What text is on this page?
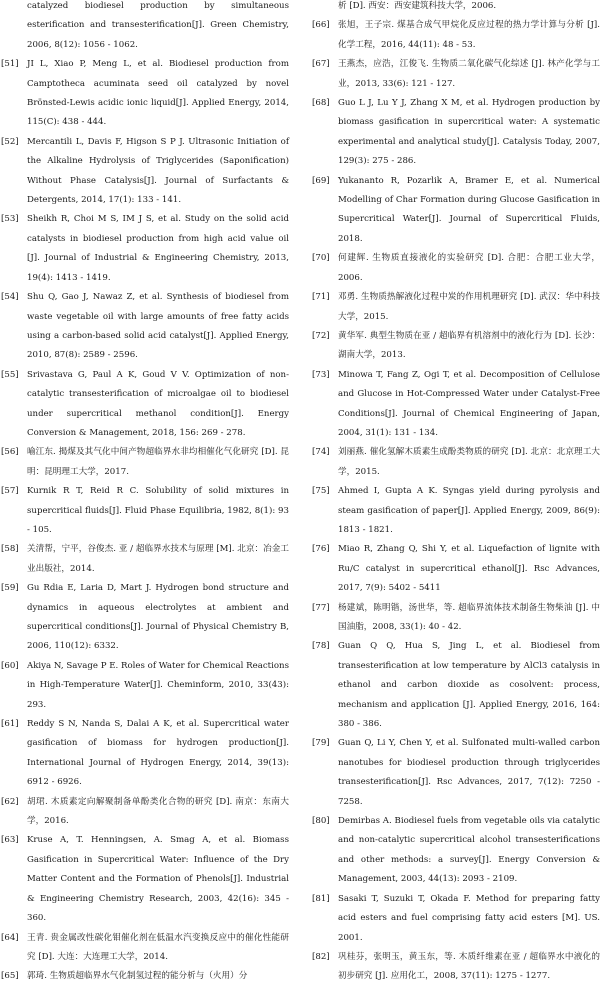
catalyzed biodiesel production by simultaneous esterification and transesterification[J]. Green Chemistry, 2006, 8(12): 1056 - 1062.

[51] JI L, Xiao P, Meng L, et al. Biodiesel production from Camptotheca acuminata seed oil catalyzed by novel Brönsted-Lewis acidic ionic liquid[J]. Applied Energy, 2014, 115(C): 438 - 444.

[52] Mercantili L, Davis F, Higson S P J. Ultrasonic Initiation of the Alkaline Hydrolysis of Triglycerides (Saponification) Without Phase Catalysis[J]. Journal of Surfactants & Detergents, 2014, 17(1): 133 - 141.

[53] Sheikh R, Choi M S, IM J S, et al. Study on the solid acid catalysts in biodiesel production from high acid value oil [J]. Journal of Industrial & Engineering Chemistry, 2013, 19(4): 1413 - 1419.

[54] Shu Q, Gao J, Nawaz Z, et al. Synthesis of biodiesel from waste vegetable oil with large amounts of free fatty acids using a carbon-based solid acid catalyst[J]. Applied Energy, 2010, 87(8): 2589 - 2596.

[55] Srivastava G, Paul A K, Goud V V. Optimization of non-catalytic transesterification of microalgae oil to biodiesel under supercritical methanol condition[J]. Energy Conversion & Management, 2018, 156: 269 - 278.

[56] 喻江东. 揭煤及其气化中间产物超临界水非均相催化气化研究 [D]. 昆明：昆明理工大学，2017.

[57] Kurnik R T, Reid R C. Solubility of solid mixtures in supercritical fluids[J]. Fluid Phase Equilibria, 1982, 8(1): 93 - 105.

[58] 关清帮，宁平，谷俊杰. 亚 / 超临界水技术与原理 [M]. 北京：冶金工业出版社，2014.

[59] Gu Rdia E, Laria D, Mart J. Hydrogen bond structure and dynamics in aqueous electrolytes at ambient and supercritical conditions[J]. Journal of Physical Chemistry B, 2006, 110(12): 6332.

[60] Akiya N, Savage P E. Roles of Water for Chemical Reactions in High-Temperature Water[J]. Cheminform, 2010, 33(43): 293.

[61] Reddy S N, Nanda S, Dalai A K, et al. Supercritical water gasification of biomass for hydrogen production[J]. International Journal of Hydrogen Energy, 2014, 39(13): 6912 - 6926.

[62] 胡珺. 木质素定向解聚制备单酚类化合物的研究 [D]. 南京：东南大学，2016.

[63] Kruse A, T. Henningsen, A. Smag A, et al. Biomass Gasification in Supercritical Water: Influence of the Dry Matter Content and the Formation of Phenols[J]. Industrial & Engineering Chemistry Research, 2003, 42(16): 345 - 360.

[64] 王青. 贵金属改性碳化钼催化剂在低温水汽变换反应中的催化性能研究 [D]. 大连：大连理工大学，2014.

[65] 郭琦. 生物质超临界水气化制氢过程的能分析与（火用）分

析 [D]. 西安：西安建筑科技大学，2006.

[66] 张旭，王子宗. 煤基合成气甲烷化反应过程的热力学计算与分析 [J]. 化学工程，2016, 44(11): 48 - 53.

[67] 王燕杰，应浩，江俊飞. 生物质二氧化碳气化综述 [J]. 林产化学与工业，2013, 33(6): 121 - 127.

[68] Guo L J, Lu Y J, Zhang X M, et al. Hydrogen production by biomass gasification in supercritical water: A systematic experimental and analytical study[J]. Catalysis Today, 2007, 129(3): 275 - 286.

[69] Yukananto R, Pozarlik A, Bramer E, et al. Numerical Modelling of Char Formation during Glucose Gasification in Supercritical Water[J]. Journal of Supercritical Fluids, 2018.

[70] 何建辉. 生物质直接液化的实验研究 [D]. 合肥：合肥工业大学，2006.

[71] 邓勇. 生物质热解液化过程中炭的作用机理研究 [D]. 武汉：华中科技大学，2015.

[72] 黄华军. 典型生物质在亚 / 超临界有机溶剂中的液化行为 [D]. 长沙：湖南大学，2013.

[73] Minowa T, Fang Z, Ogi T, et al. Decomposition of Cellulose and Glucose in Hot-Compressed Water under Catalyst-Free Conditions[J]. Journal of Chemical Engineering of Japan, 2004, 31(1): 131 - 134.

[74] 刘丽燕. 催化氢解木质素生成酚类物质的研究 [D]. 北京：北京理工大学，2015.

[75] Ahmed I, Gupta A K. Syngas yield during pyrolysis and steam gasification of paper[J]. Applied Energy, 2009, 86(9): 1813 - 1821.

[76] Miao R, Zhang Q, Shi Y, et al. Liquefaction of lignite with Ru/C catalyst in supercritical ethanol[J]. Rsc Advances, 2017, 7(9): 5402 - 5411

[77] 杨建斌，陈明锴，汤世华，等. 超临界流体技术制备生物柴油 [J]. 中国油脂，2008, 33(1): 40 - 42.

[78] Guan Q Q, Hua S, Jing L, et al. Biodiesel from transesterification at low temperature by AlCl3 catalysis in ethanol and carbon dioxide as cosolvent: process, mechanism and application [J]. Applied Energy, 2016, 164: 380 - 386.

[79] Guan Q, Li Y, Chen Y, et al. Sulfonated multi-walled carbon nanotubes for biodiesel production through triglycerides transesterification[J]. Rsc Advances, 2017, 7(12): 7250 - 7258.

[80] Demirbas A. Biodiesel fuels from vegetable oils via catalytic and non-catalytic supercritical alcohol transesterifications and other methods: a survey[J]. Energy Conversion & Management, 2003, 44(13): 2093 - 2109.

[81] Sasaki T, Suzuki T, Okada F. Method for preparing fatty acid esters and fuel comprising fatty acid esters [M]. US. 2001.

[82] 巩桂芬，张明玉，黄玉东，等. 木质纤维素在亚 / 超临界水中液化的初步研究 [J]. 应用化工，2008, 37(11): 1275 - 1277.
